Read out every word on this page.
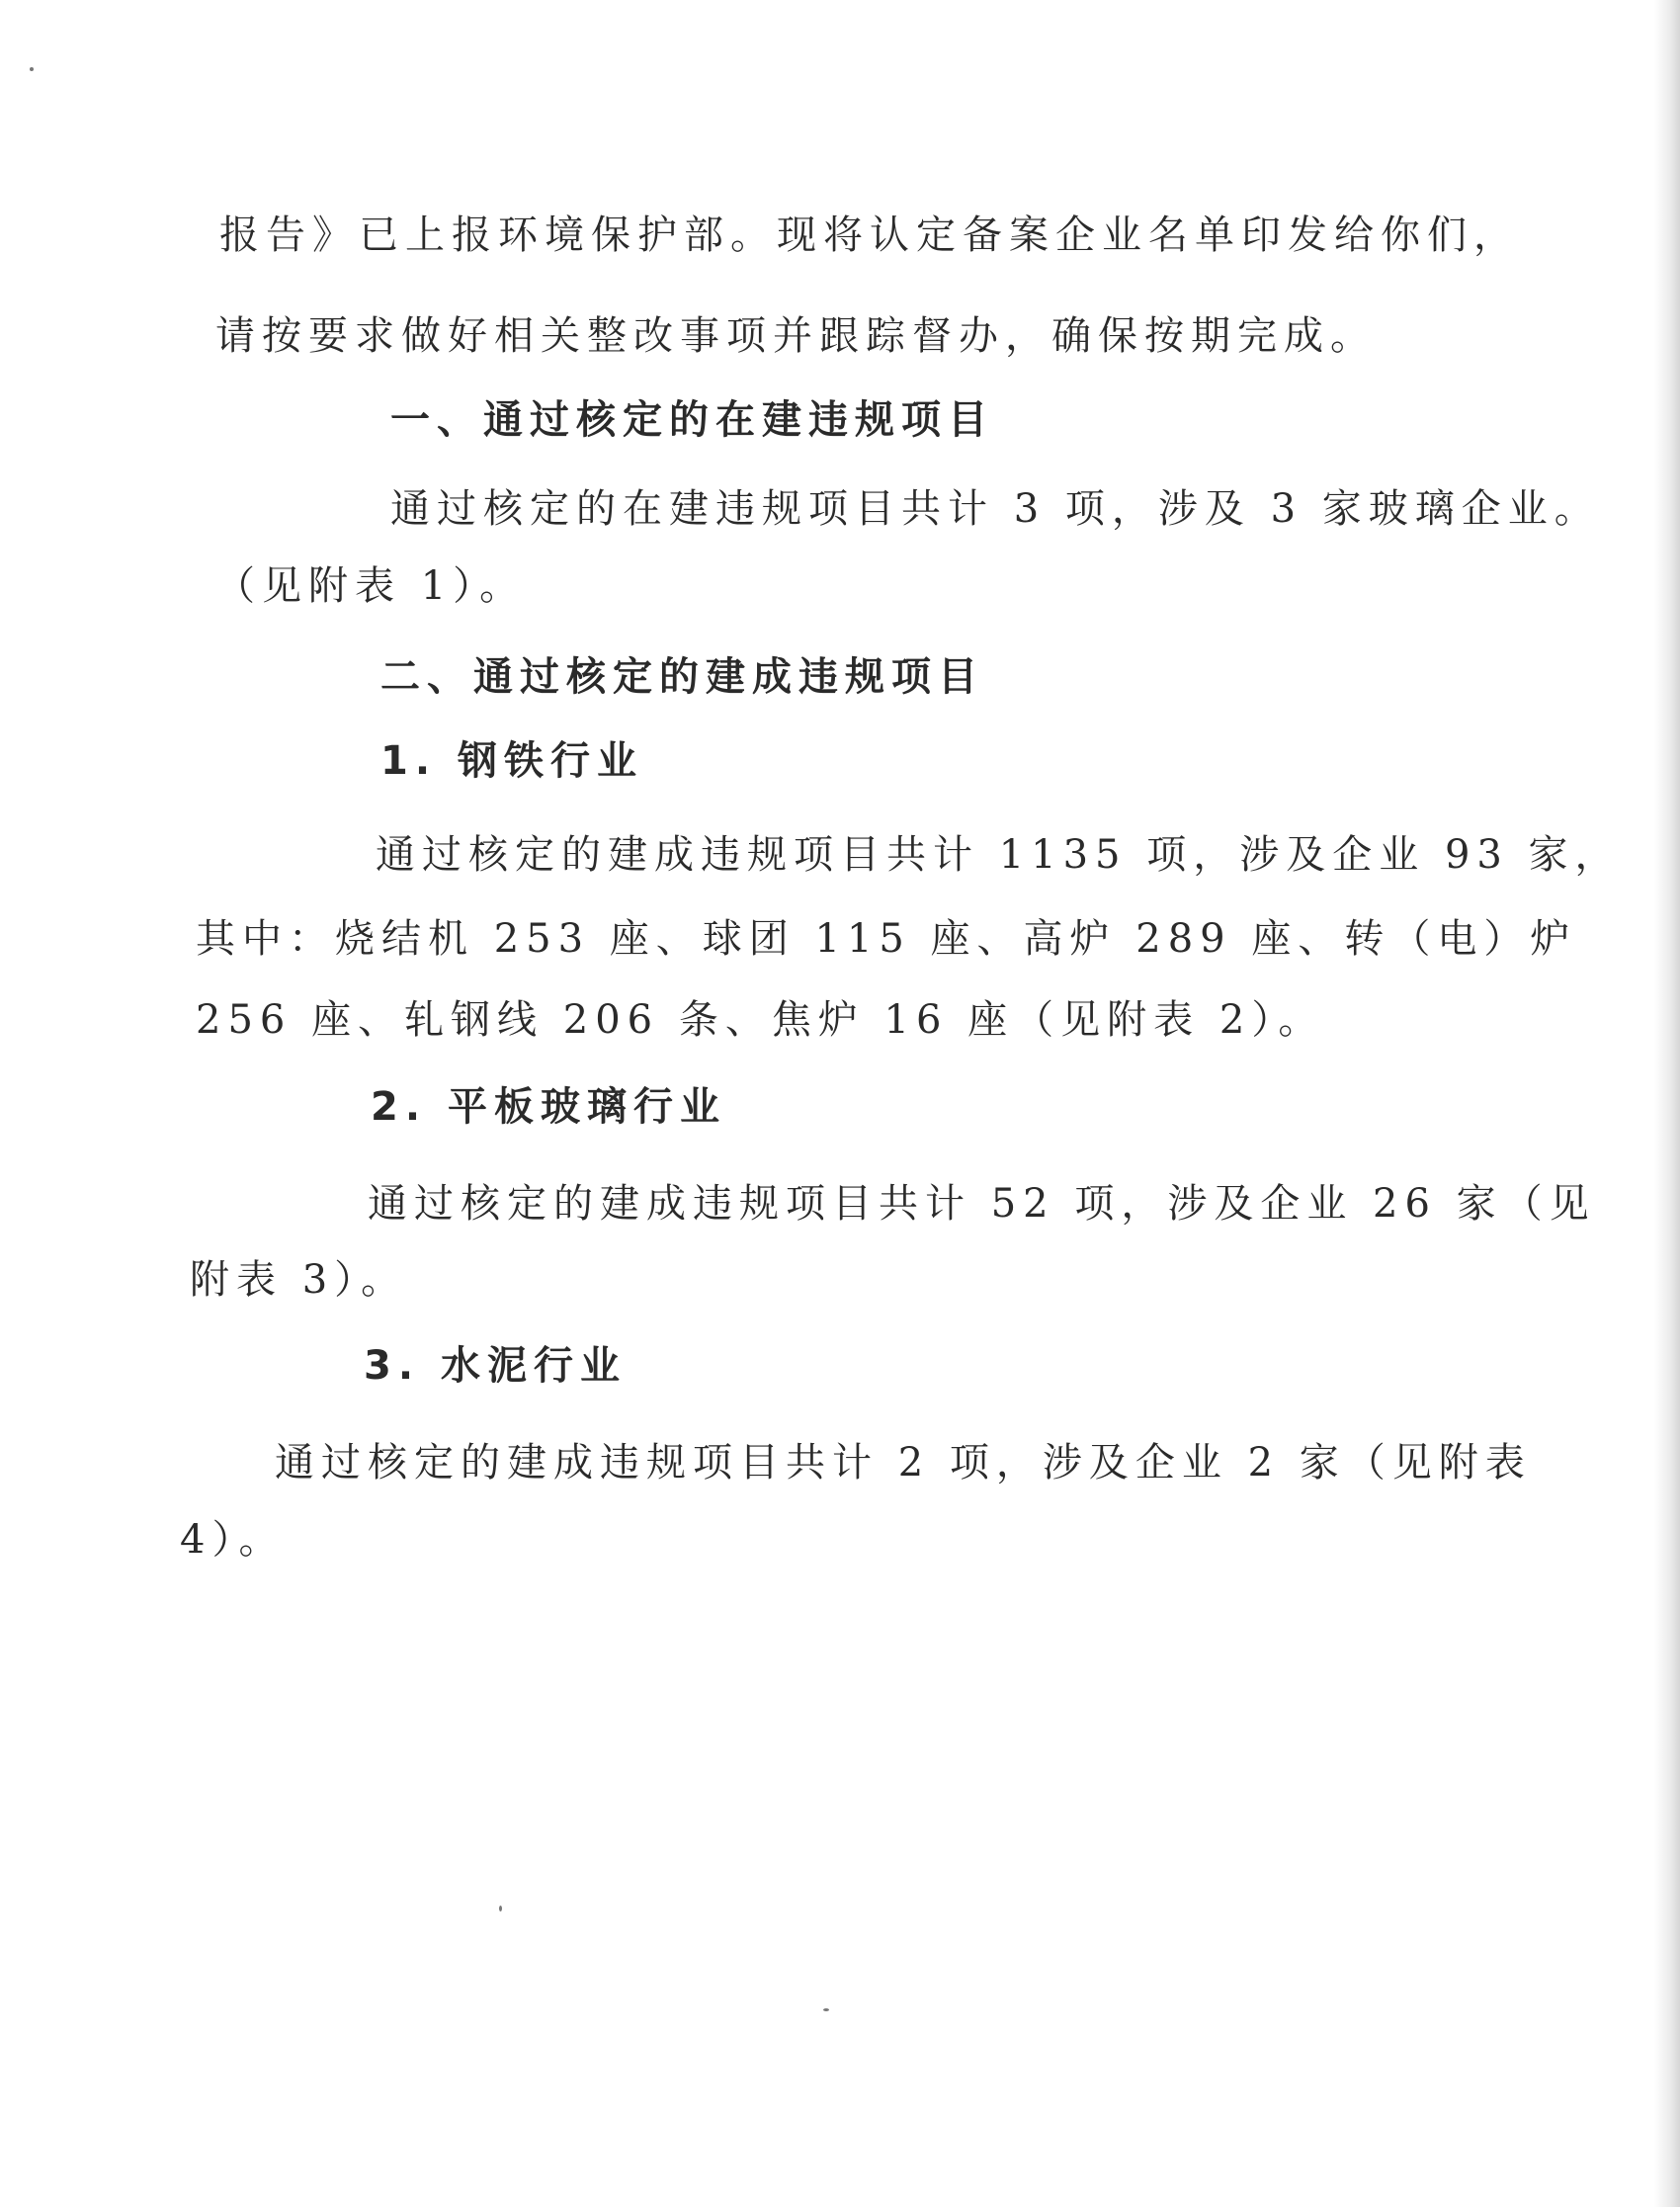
报告》已上报环境保护部。现将认定备案企业名单印发给你们，
请按要求做好相关整改事项并跟踪督办，确保按期完成。
一、通过核定的在建违规项目
通过核定的在建违规项目共计 3 项，涉及 3 家玻璃企业。
（见附表 1）。
二、通过核定的建成违规项目
1. 钢铁行业
通过核定的建成违规项目共计 1135 项，涉及企业 93 家，
其中：烧结机 253 座、球团 115 座、高炉 289 座、转（电）炉
256 座、轧钢线 206 条、焦炉 16 座（见附表 2）。
2. 平板玻璃行业
通过核定的建成违规项目共计 52 项，涉及企业 26 家（见
附表 3）。
3. 水泥行业
通过核定的建成违规项目共计 2 项，涉及企业 2 家（见附表
4）。
